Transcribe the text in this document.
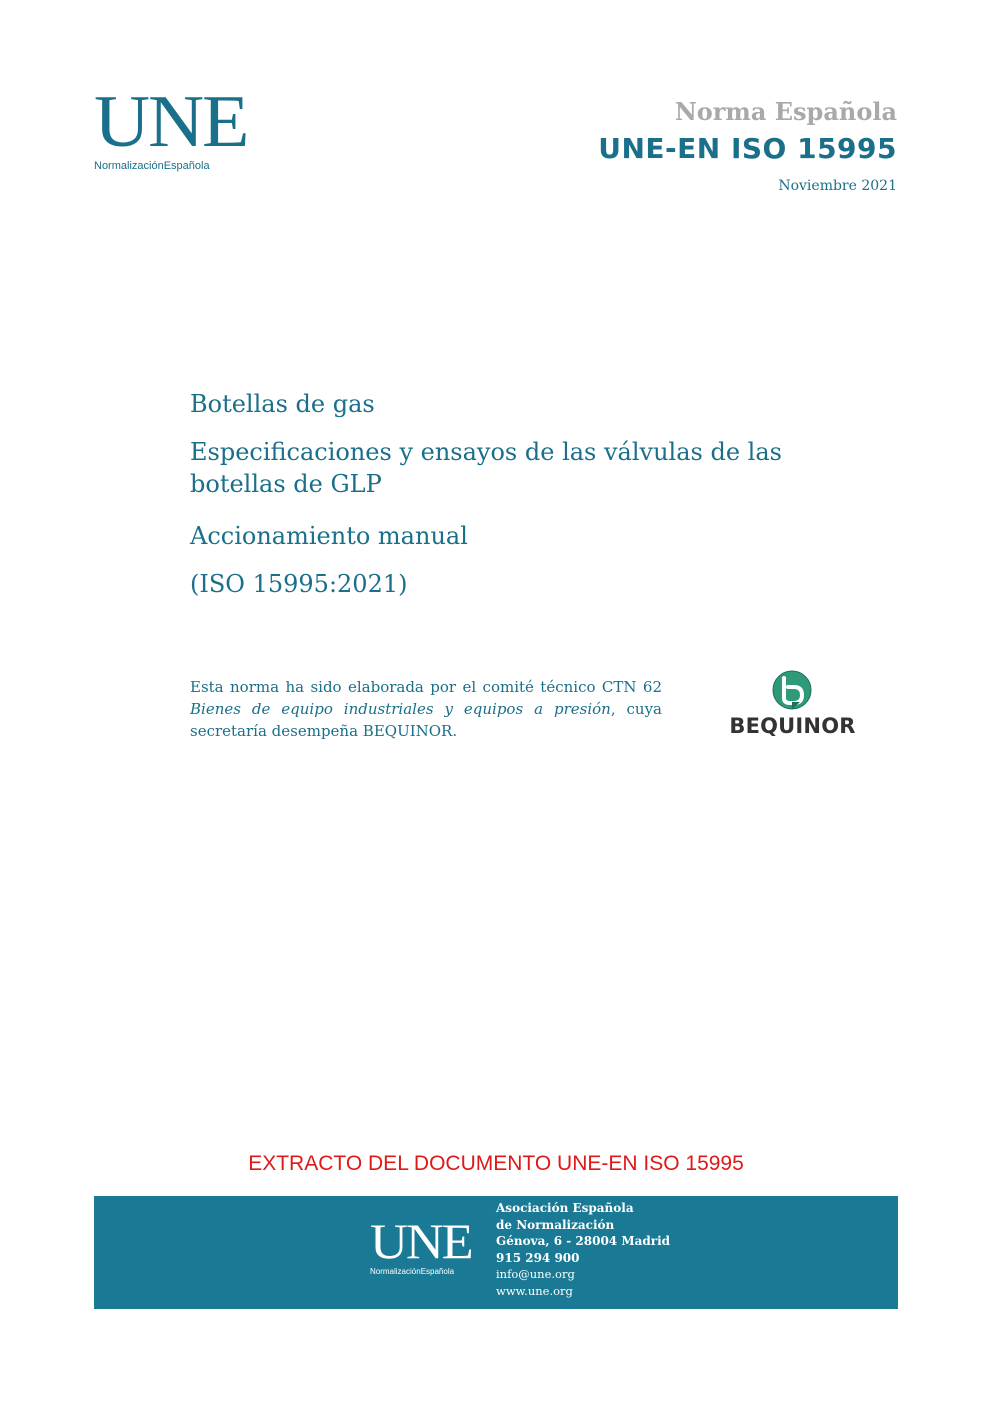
UNE
NormalizaciónEspañola
Norma Española
UNE-EN ISO 15995
Noviembre 2021
Botellas de gas
Especificaciones y ensayos de las válvulas de las botellas de GLP
Accionamiento manual
(ISO 15995:2021)
Esta norma ha sido elaborada por el comité técnico CTN 62 Bienes de equipo industriales y equipos a presión, cuya secretaría desempeña BEQUINOR.	BEQUINOR
EXTRACTO DEL DOCUMENTO UNE-EN ISO 15995
UNE
NormalizaciónEspañola
Asociación Española
de Normalización
Génova, 6 - 28004 Madrid
915 294 900
info@une.org
www.une.org
